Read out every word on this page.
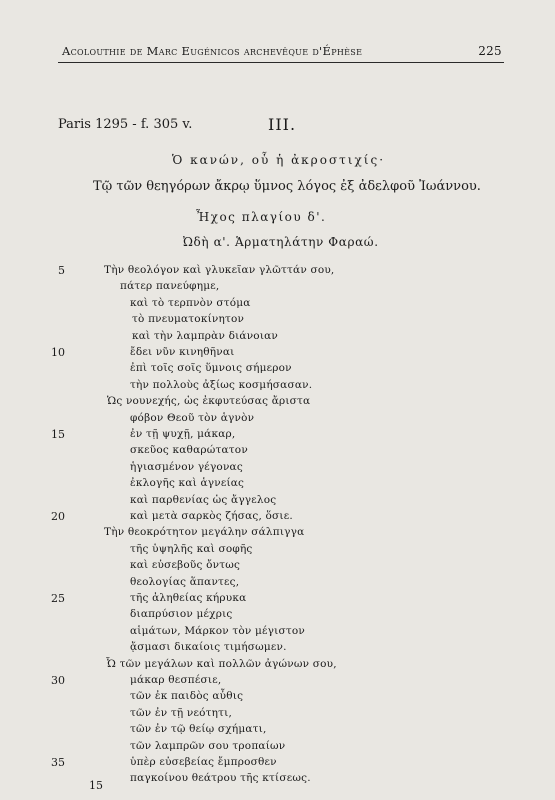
Acolouthie de Marc Eugénicos archevêque d'Éphèse	225
Paris 1295 - f. 305 v.	III.
Ὁ κανών, οὗ ἡ ἀκροστιχίς·
Τῷ τῶν θεηγόρων ἄκρῳ ὕμνος λόγος ἐξ ἀδελφοῦ Ἰωάννου.
Ἦχος πλαγίου δ'.
Ὠδὴ α'. Ἁρματηλάτην Φαραώ.
Τὴν θεολόγον καὶ γλυκεῖαν γλῶττάν σου,
πάτερ πανεύφημε,
καὶ τὸ τερπνὸν στόμα
τὸ πνευματοκίνητον
καὶ τὴν λαμπρὰν διάνοιαν
ἔδει νῦν κινηθῆναι
ἐπὶ τοῖς σοῖς ὕμνοις σήμερον
τὴν πολλοὺς ἀξίως κοσμήσασαν.
Ὡς νουνεχής, ὡς ἐκφυτεύσας ἄριστα
φόβον Θεοῦ τὸν ἁγνὸν
ἐν τῇ ψυχῇ, μάκαρ,
σκεῦος καθαρώτατον
ἡγιασμένον γέγονας
ἐκλογῆς καὶ ἁγνείας
καὶ παρθενίας ὡς ἄγγελος
καὶ μετὰ σαρκὸς ζήσας, ὅσιε.
Τὴν θεοκρότητον μεγάλην σάλπιγγα
τῆς ὑψηλῆς καὶ σοφῆς
καὶ εὐσεβοῦς ὄντως
θεολογίας ἅπαντες,
τῆς ἀληθείας κήρυκα
διαπρύσιον μέχρις
αἱμάτων, Μάρκον τὸν μέγιστον
ᾄσμασι δικαίοις τιμήσωμεν.
Ὦ τῶν μεγάλων καὶ πολλῶν ἀγώνων σου,
μάκαρ θεσπέσιε,
τῶν ἐκ παιδὸς αὖθις
τῶν ἐν τῇ νεότητι,
τῶν ἐν τῷ θείῳ σχήματι,
τῶν λαμπρῶν σου τροπαίων
ὑπὲρ εὐσεβείας ἔμπροσθεν
παγκοίνου θεάτρου τῆς κτίσεως.
5
10
15
20
25
30
35
15
